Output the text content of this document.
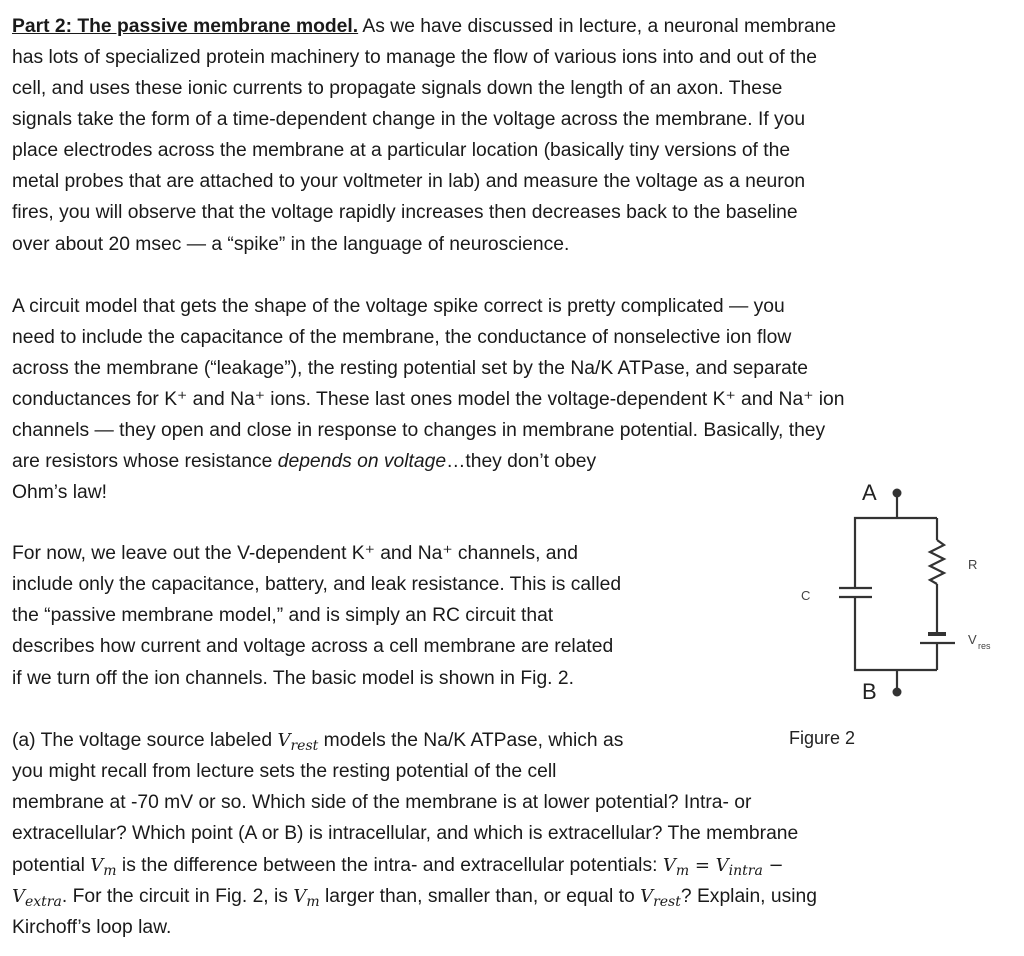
Part 2: The passive membrane model. As we have discussed in lecture, a neuronal membrane
has lots of specialized protein machinery to manage the flow of various ions into and out of the
cell, and uses these ionic currents to propagate signals down the length of an axon. These
signals take the form of a time-dependent change in the voltage across the membrane. If you
place electrodes across the membrane at a particular location (basically tiny versions of the
metal probes that are attached to your voltmeter in lab) and measure the voltage as a neuron
fires, you will observe that the voltage rapidly increases then decreases back to the baseline
over about 20 msec — a “spike” in the language of neuroscience.
A circuit model that gets the shape of the voltage spike correct is pretty complicated — you
need to include the capacitance of the membrane, the conductance of nonselective ion flow
across the membrane (“leakage”), the resting potential set by the Na/K ATPase, and separate
conductances for K⁺ and Na⁺ ions. These last ones model the voltage-dependent K⁺ and Na⁺ ion
channels — they open and close in response to changes in membrane potential. Basically, they
are resistors whose resistance depends on voltage…they don’t obey
Ohm’s law!
For now, we leave out the V-dependent K⁺ and Na⁺ channels, and
include only the capacitance, battery, and leak resistance. This is called
the “passive membrane model,” and is simply an RC circuit that
describes how current and voltage across a cell membrane are related
if we turn off the ion channels. The basic model is shown in Fig. 2.
(a) The voltage source labeled $V_{rest}$ models the Na/K ATPase, which as
you might recall from lecture sets the resting potential of the cell
membrane at -70 mV or so. Which side of the membrane is at lower potential? Intra- or
extracellular? Which point (A or B) is intracellular, and which is extracellular? The membrane
potential $V_m$ is the difference between the intra- and extracellular potentials: $V_m = V_{intra}$ −
$V_{extra}$. For the circuit in Fig. 2, is $V_m$ larger than, smaller than, or equal to $V_{rest}$? Explain, using
Kirchoff’s loop law.
A
B
C
R
V res
Figure 2
